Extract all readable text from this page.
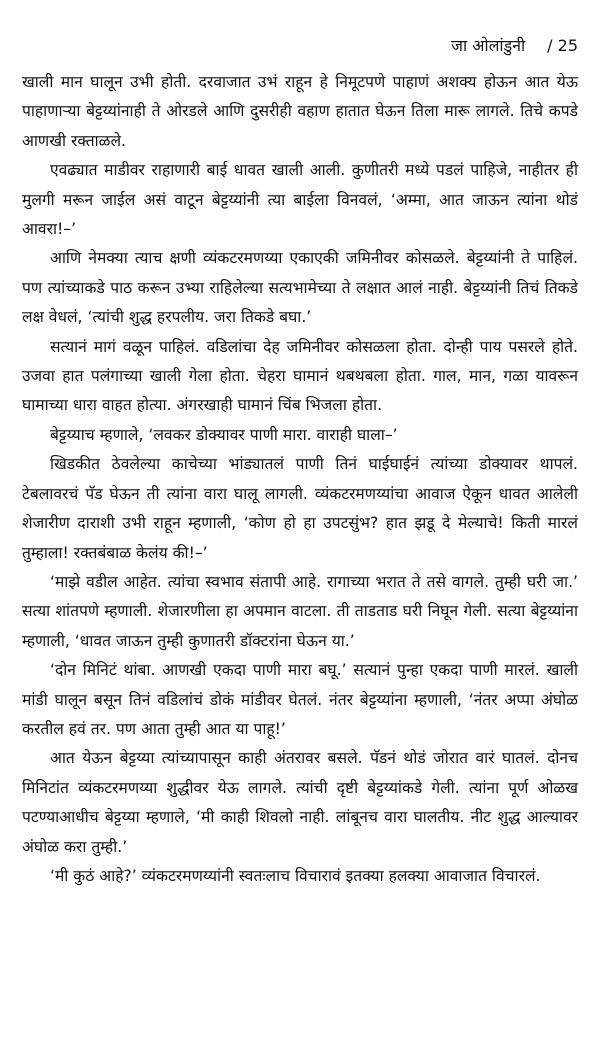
जा ओलांडुनी / 25

खाली मान घालून उभी होती. दरवाजात उभं राहून हे निमूटपणे पाहाणं अशक्य होऊन आत येऊ पाहाणाऱ्या बेट्टय्यांनाही ते ओरडले आणि दुसरीही वहाण हातात घेऊन तिला मारू लागले. तिचे कपडे आणखी रक्ताळले.

एवढ्यात माडीवर राहाणारी बाई धावत खाली आली. कुणीतरी मध्ये पडलं पाहिजे, नाहीतर ही मुलगी मरून जाईल असं वाटून बेट्टय्यांनी त्या बाईला विनवलं, ‘अम्मा, आत जाऊन त्यांना थोडं आवरा!–’

आणि नेमक्या त्याच क्षणी व्यंकटरमणय्या एकाएकी जमिनीवर कोसळले. बेट्टय्यांनी ते पाहिलं. पण त्यांच्याकडे पाठ करून उभ्या राहिलेल्या सत्यभामेच्या ते लक्षात आलं नाही. बेट्टय्यांनी तिचं तिकडे लक्ष वेधलं, ‘त्यांची शुद्ध हरपलीय. जरा तिकडे बघा.’

सत्यानं मागं वळून पाहिलं. वडिलांचा देह जमिनीवर कोसळला होता. दोन्ही पाय पसरले होते. उजवा हात पलंगाच्या खाली गेला होता. चेहरा घामानं थबथबला होता. गाल, मान, गळा यावरून घामाच्या धारा वाहत होत्या. अंगरखाही घामानं चिंब भिजला होता.

बेट्टय्याच म्हणाले, ‘लवकर डोक्यावर पाणी मारा. वाराही घाला–’

खिडकीत ठेवलेल्या काचेच्या भांड्यातलं पाणी तिनं घाईघाईनं त्यांच्या डोक्यावर थापलं. टेबलावरचं पॅड घेऊन ती त्यांना वारा घालू लागली. व्यंकटरमणय्यांचा आवाज ऐकून धावत आलेली शेजारीण दाराशी उभी राहून म्हणाली, ‘कोण हो हा उपटसुंभ? हात झडू दे मेल्याचे! किती मारलं तुम्हाला! रक्तबंबाळ केलंय की!–’

‘माझे वडील आहेत. त्यांचा स्वभाव संतापी आहे. रागाच्या भरात ते तसे वागले. तुम्ही घरी जा.’ सत्या शांतपणे म्हणाली. शेजारणीला हा अपमान वाटला. ती ताडताड घरी निघून गेली. सत्या बेट्टय्यांना म्हणाली, ‘धावत जाऊन तुम्ही कुणातरी डॉक्टरांना घेऊन या.’

‘दोन मिनिटं थांबा. आणखी एकदा पाणी मारा बघू.’ सत्यानं पुन्हा एकदा पाणी मारलं. खाली मांडी घालून बसून तिनं वडिलांचं डोकं मांडीवर घेतलं. नंतर बेट्टय्यांना म्हणाली, ‘नंतर अप्पा अंघोळ करतील हवं तर. पण आता तुम्ही आत या पाहू!’

आत येऊन बेट्टय्या त्यांच्यापासून काही अंतरावर बसले. पॅडनं थोडं जोरात वारं घातलं. दोनच मिनिटांत व्यंकटरमणय्या शुद्धीवर येऊ लागले. त्यांची दृष्टी बेट्टय्यांकडे गेली. त्यांना पूर्ण ओळख पटण्याआधीच बेट्टय्या म्हणाले, ‘मी काही शिवलो नाही. लांबूनच वारा घालतीय. नीट शुद्ध आल्यावर अंघोळ करा तुम्ही.’

‘मी कुठं आहे?’ व्यंकटरमणय्यांनी स्वतःलाच विचारावं इतक्या हलक्या आवाजात विचारलं.
